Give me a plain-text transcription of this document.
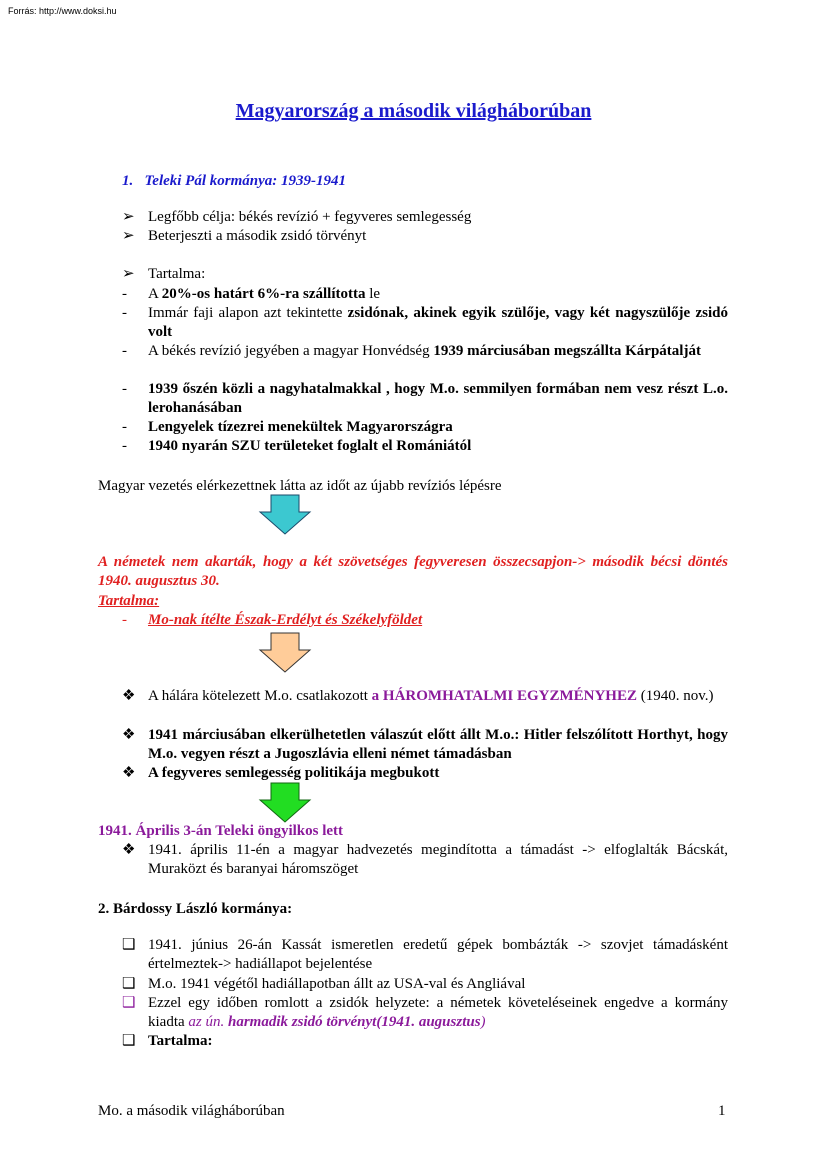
Forrás: http://www.doksi.hu
Magyarország a második világháborúban
1.   Teleki Pál kormánya: 1939-1941
➢ Legfőbb célja: békés revízió + fegyveres semlegesség
➢ Beterjeszti a második zsidó törvényt
➢ Tartalma:
-	A 20%-os határt 6%-ra szállította le
-	Immár faji alapon azt tekintette zsidónak, akinek egyik szülője, vagy két nagyszülője zsidó volt
-	A békés revízió jegyében a magyar Honvédség 1939 márciusában megszállta Kárpátalját
-	1939 őszén közli a nagyhatalmakkal , hogy M.o. semmilyen formában nem vesz részt L.o. lerohanásában
-	Lengyelek tízezrei menekültek Magyarországra
-	1940 nyarán SZU területeket foglalt el Romániától
Magyar vezetés elérkezettnek látta az időt az újabb revíziós lépésre
A németek nem akarták, hogy a két szövetséges fegyveresen összecsapjon-> második bécsi döntés 1940. augusztus 30.
Tartalma:
-	Mo-nak ítélte Észak-Erdélyt és Székelyföldet
❖ A hálára kötelezett M.o. csatlakozott a HÁROMHATALMI EGYZMÉNYHEZ (1940. nov.)
❖ 1941 márciusában elkerülhetetlen válaszút előtt állt M.o.: Hitler felszólított Horthyt, hogy M.o. vegyen részt a Jugoszlávia elleni német támadásban
❖ A fegyveres semlegesség politikája megbukott
1941. Április 3-án Teleki öngyilkos lett
❖ 1941. április 11-én a magyar hadvezetés megindította a támadást -> elfoglalták Bácskát, Muraközt és baranyai háromszöget
2. Bárdossy László kormánya:
❑ 1941. június 26-án Kassát ismeretlen eredetű gépek bombázták -> szovjet támadásként értelmeztek-> hadiállapot bejelentése
❑ M.o. 1941 végétől hadiállapotban állt az USA-val és Angliával
❑ Ezzel egy időben romlott a zsidók helyzete: a németek követeléseinek engedve a kormány kiadta az ún. harmadik zsidó törvényt(1941. augusztus)
❑ Tartalma:
Mo. a második világháborúban	1
